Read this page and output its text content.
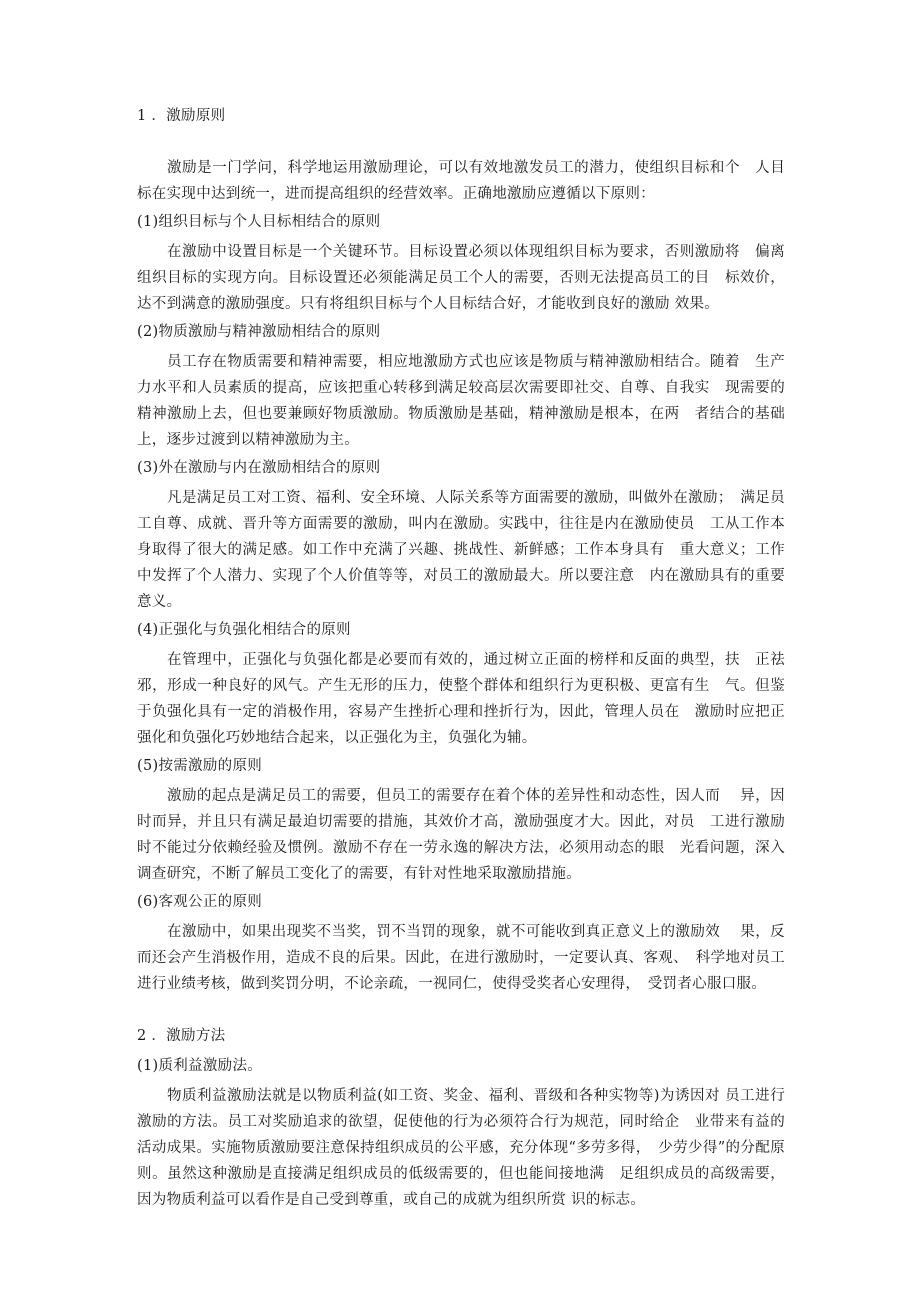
1 ．激励原则

激励是一门学问，科学地运用激励理论，可以有效地激发员工的潜力，使组织目标和个　人目标在实现中达到统一，进而提高组织的经营效率。正确地激励应遵循以下原则：

(1)组织目标与个人目标相结合的原则

在激励中设置目标是一个关键环节。目标设置必须以体现组织目标为要求，否则激励将　偏离组织目标的实现方向。目标设置还必须能满足员工个人的需要，否则无法提高员工的目　标效价，达不到满意的激励强度。只有将组织目标与个人目标结合好，才能收到良好的激励 效果。

(2)物质激励与精神激励相结合的原则

员工存在物质需要和精神需要，相应地激励方式也应该是物质与精神激励相结合。随着　生产力水平和人员素质的提高，应该把重心转移到满足较高层次需要即社交、自尊、自我实　现需要的精神激励上去，但也要兼顾好物质激励。物质激励是基础，精神激励是根本，在两　者结合的基础上，逐步过渡到以精神激励为主。

(3)外在激励与内在激励相结合的原则

凡是满足员工对工资、福利、安全环境、人际关系等方面需要的激励，叫做外在激励；　满足员工自尊、成就、晋升等方面需要的激励，叫内在激励。实践中，往往是内在激励使员　工从工作本身取得了很大的满足感。如工作中充满了兴趣、挑战性、新鲜感；工作本身具有　重大意义；工作中发挥了个人潜力、实现了个人价值等等，对员工的激励最大。所以要注意　内在激励具有的重要意义。

(4)正强化与负强化相结合的原则

在管理中，正强化与负强化都是必要而有效的，通过树立正面的榜样和反面的典型，扶　正祛邪，形成一种良好的风气。产生无形的压力，使整个群体和组织行为更积极、更富有生　气。但鉴于负强化具有一定的消极作用，容易产生挫折心理和挫折行为，因此，管理人员在　激励时应把正强化和负强化巧妙地结合起来，以正强化为主，负强化为辅。

(5)按需激励的原则

激励的起点是满足员工的需要，但员工的需要存在着个体的差异性和动态性，因人而　 异，因时而异，并且只有满足最迫切需要的措施，其效价才高，激励强度才大。因此，对员　工进行激励时不能过分依赖经验及惯例。激励不存在一劳永逸的解决方法，必须用动态的眼　光看问题，深入调查研究，不断了解员工变化了的需要，有针对性地采取激励措施。

(6)客观公正的原则

在激励中，如果出现奖不当奖，罚不当罚的现象，就不可能收到真正意义上的激励效　 果，反而还会产生消极作用，造成不良的后果。因此，在进行激励时，一定要认真、客观、　科学地对员工进行业绩考核，做到奖罚分明，不论亲疏，一视同仁，使得受奖者心安理得，　受罚者心服口服。

2 ．激励方法
(1)质利益激励法。

物质利益激励法就是以物质利益(如工资、奖金、福利、晋级和各种实物等)为诱因对 员工进行激励的方法。员工对奖励追求的欲望，促使他的行为必须符合行为规范，同时给企　业带来有益的活动成果。实施物质激励要注意保持组织成员的公平感，充分体现“多劳多得，　少劳少得”的分配原则。虽然这种激励是直接满足组织成员的低级需要的，但也能间接地满　足组织成员的高级需要，因为物质利益可以看作是自己受到尊重，或自己的成就为组织所赏 识的标志。
